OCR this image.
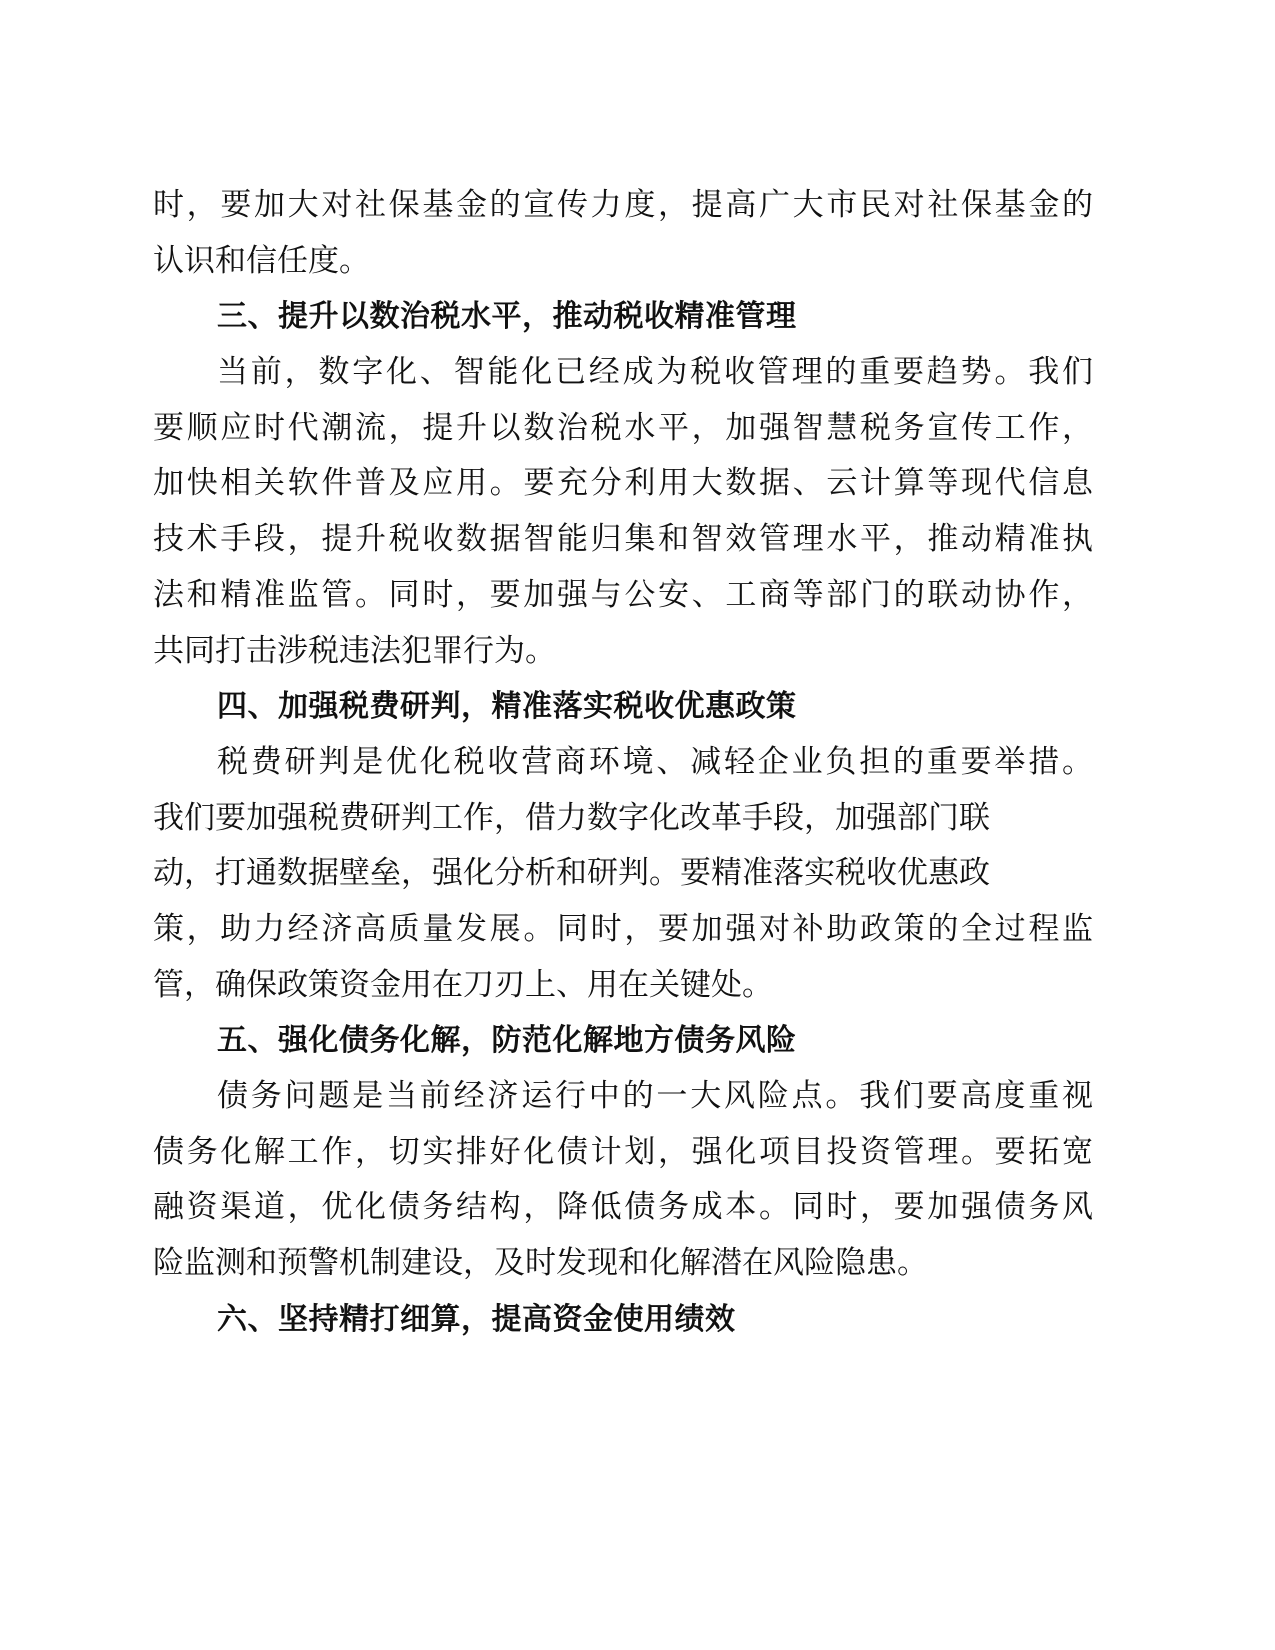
时，要加大对社保基金的宣传力度，提高广大市民对社保基金的
认识和信任度。
三、提升以数治税水平，推动税收精准管理
当前，数字化、智能化已经成为税收管理的重要趋势。我们
要顺应时代潮流，提升以数治税水平，加强智慧税务宣传工作，
加快相关软件普及应用。要充分利用大数据、云计算等现代信息
技术手段，提升税收数据智能归集和智效管理水平，推动精准执
法和精准监管。同时，要加强与公安、工商等部门的联动协作，
共同打击涉税违法犯罪行为。
四、加强税费研判，精准落实税收优惠政策
税费研判是优化税收营商环境、减轻企业负担的重要举措。
我们要加强税费研判工作，借力数字化改革手段，加强部门联
动，打通数据壁垒，强化分析和研判。要精准落实税收优惠政
策，助力经济高质量发展。同时，要加强对补助政策的全过程监
管，确保政策资金用在刀刃上、用在关键处。
五、强化债务化解，防范化解地方债务风险
债务问题是当前经济运行中的一大风险点。我们要高度重视
债务化解工作，切实排好化债计划，强化项目投资管理。要拓宽
融资渠道，优化债务结构，降低债务成本。同时，要加强债务风
险监测和预警机制建设，及时发现和化解潜在风险隐患。
六、坚持精打细算，提高资金使用绩效
